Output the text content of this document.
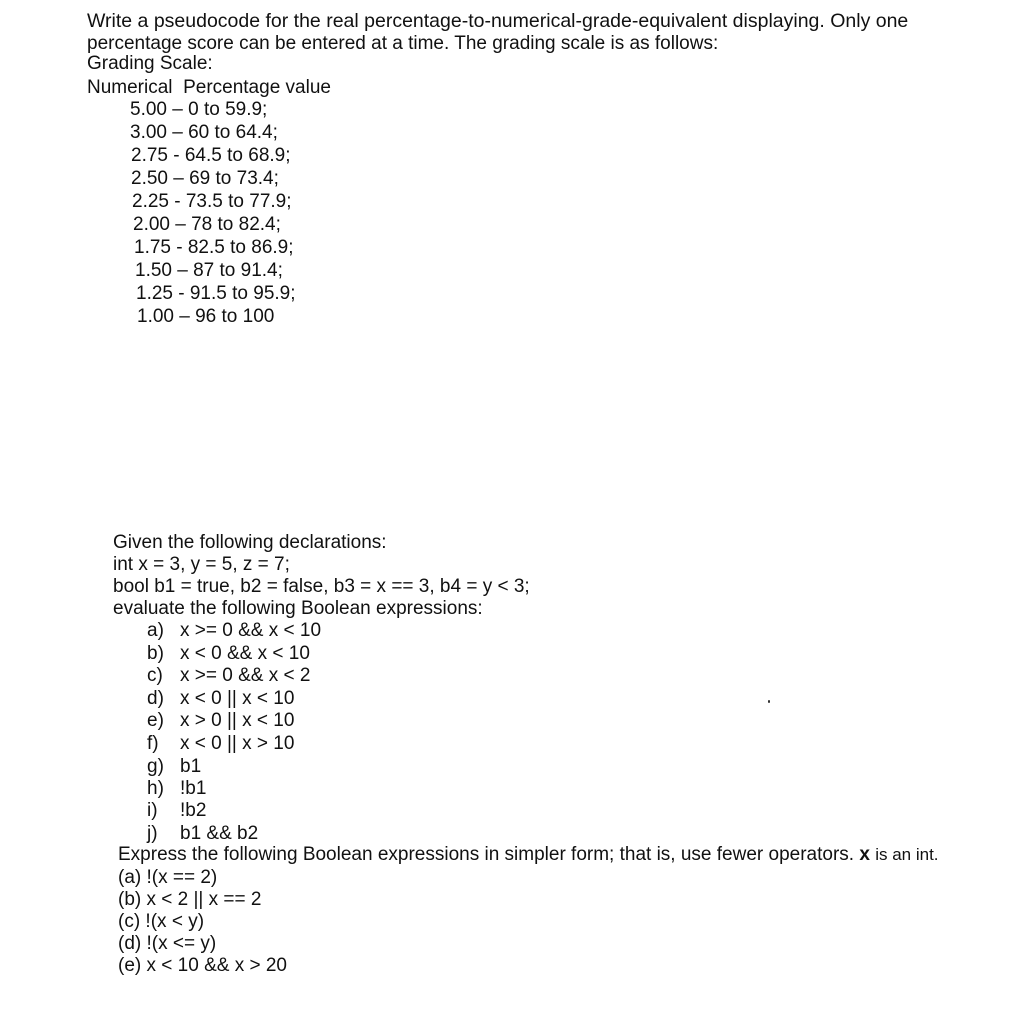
Write a pseudocode for the real percentage-to-numerical-grade-equivalent displaying. Only one
percentage score can be entered at a time. The grading scale is as follows:
Grading Scale:
Numerical  Percentage value
5.00 – 0 to 59.9;
3.00 – 60 to 64.4;
2.75 - 64.5 to 68.9;
2.50 – 69 to 73.4;
2.25 - 73.5 to 77.9;
2.00 – 78 to 82.4;
1.75 - 82.5 to 86.9;
1.50 – 87 to 91.4;
1.25 - 91.5 to 95.9;
1.00 – 96 to 100
Given the following declarations:
int x = 3, y = 5, z = 7;
bool b1 = true, b2 = false, b3 = x == 3, b4 = y < 3;
evaluate the following Boolean expressions:
a) x >= 0 && x < 10
b) x < 0 && x < 10
c) x >= 0 && x < 2
d) x < 0 || x < 10
e) x > 0 || x < 10
f) x < 0 || x > 10
g) b1
h) !b1
i) !b2
j) b1 && b2
Express the following Boolean expressions in simpler form; that is, use fewer operators. x is an int.
(a) !(x == 2)
(b) x < 2 || x == 2
(c) !(x < y)
(d) !(x <= y)
(e) x < 10 && x > 20
